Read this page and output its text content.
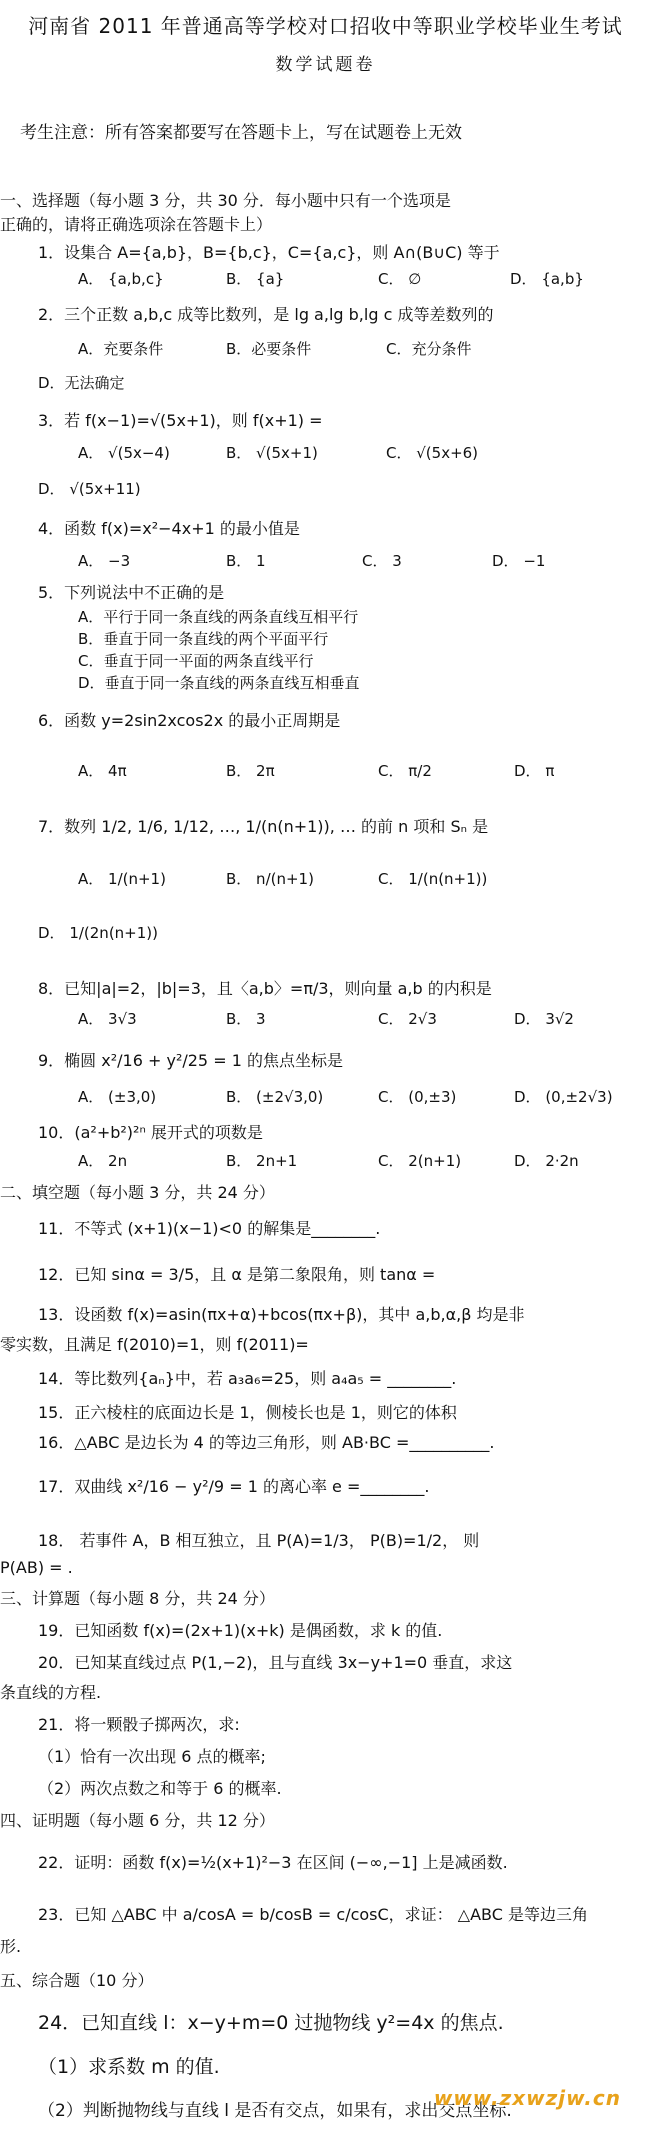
河南省 2011 年普通高等学校对口招收中等职业学校毕业生考试
数学试题卷
考生注意：所有答案都要写在答题卡上，写在试题卷上无效
一、选择题（每小题 3 分，共 30 分．每小题中只有一个选项是
正确的，请将正确选项涂在答题卡上）
1．设集合 A={a,b}，B={b,c}，C={a,c}，则 A∩(B∪C) 等于
A． {a,b,c}	B． {a}	C． ∅	D． {a,b}
2．三个正数 a,b,c 成等比数列，是 lg a,lg b,lg c 成等差数列的
A．充要条件	B．必要条件	C．充分条件
D．无法确定
3．若 f(x−1)=√(5x+1)，则 f(x+1) =
A． √(5x−4)	B． √(5x+1)	C． √(5x+6)
D． √(5x+11)
4．函数 f(x)=x²−4x+1 的最小值是
A． −3	B． 1	C． 3	D． −1
5．下列说法中不正确的是
A．平行于同一条直线的两条直线互相平行
B．垂直于同一条直线的两个平面平行
C．垂直于同一平面的两条直线平行
D．垂直于同一条直线的两条直线互相垂直
6．函数 y=2sin2xcos2x 的最小正周期是
A． 4π	B． 2π	C． π/2	D． π
7．数列 1/2, 1/6, 1/12, …, 1/(n(n+1)), … 的前 n 项和 Sₙ 是
A． 1/(n+1)	B． n/(n+1)	C． 1/(n(n+1))
D． 1/(2n(n+1))
8．已知|a|=2，|b|=3，且〈a,b〉=π/3，则向量 a,b 的内积是
A． 3√3	B． 3	C． 2√3	D． 3√2
9．椭圆 x²/16 + y²/25 = 1 的焦点坐标是
A． (±3,0)	B． (±2√3,0)	C． (0,±3)	D． (0,±2√3)
10．(a²+b²)²ⁿ 展开式的项数是
A． 2n	B． 2n+1	C． 2(n+1)	D． 2·2n
二、填空题（每小题 3 分，共 24 分）
11．不等式 (x+1)(x−1)<0 的解集是________.
12．已知 sinα = 3/5，且 α 是第二象限角，则 tanα =
13．设函数 f(x)=asin(πx+α)+bcos(πx+β)，其中 a,b,α,β 均是非
零实数，且满足 f(2010)=1，则 f(2011)=
14．等比数列{aₙ}中，若 a₃a₆=25，则 a₄a₅ = ________.
15．正六棱柱的底面边长是 1，侧棱长也是 1，则它的体积
16．△ABC 是边长为 4 的等边三角形，则 AB·BC =__________.
17．双曲线 x²/16 − y²/9 = 1 的离心率 e =________.
18． 若事件 A，B 相互独立，且 P(A)=1/3， P(B)=1/2， 则
P(AB) = .
三、计算题（每小题 8 分，共 24 分）
19．已知函数 f(x)=(2x+1)(x+k) 是偶函数，求 k 的值.
20．已知某直线过点 P(1,−2)，且与直线 3x−y+1=0 垂直，求这
条直线的方程.
21．将一颗骰子掷两次，求:
（1）恰有一次出现 6 点的概率;
（2）两次点数之和等于 6 的概率.
四、证明题（每小题 6 分，共 12 分）
22．证明：函数 f(x)=½(x+1)²−3 在区间 (−∞,−1] 上是减函数.
23．已知 △ABC 中 a/cosA = b/cosB = c/cosC，求证： △ABC 是等边三角
形.
五、综合题（10 分）
24．已知直线 l：x−y+m=0 过抛物线 y²=4x 的焦点.
（1）求系数 m 的值.
（2）判断抛物线与直线 l 是否有交点，如果有，求出交点坐标.
www.zxwzjw.cn
